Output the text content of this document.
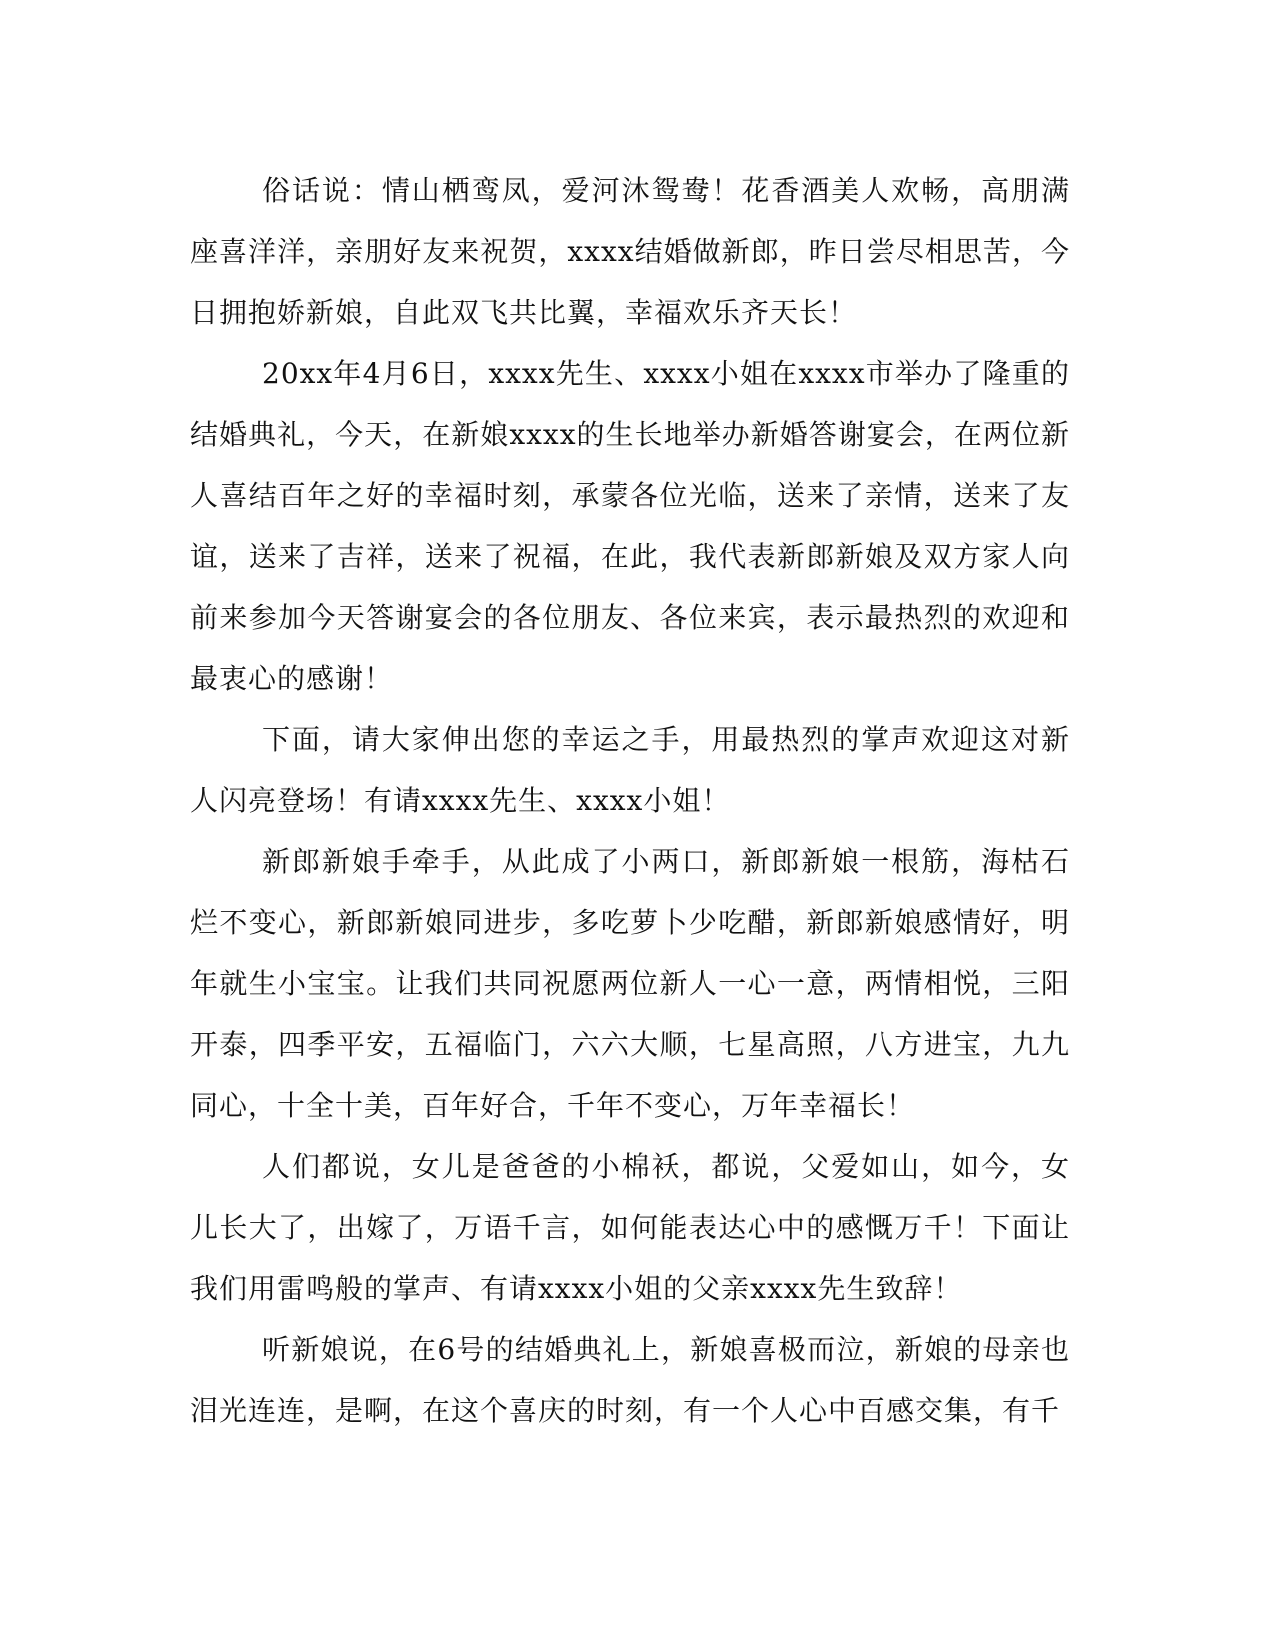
俗话说：情山栖鸾凤，爱河沐鸳鸯！花香酒美人欢畅，高朋满座喜洋洋，亲朋好友来祝贺，xxxx结婚做新郎，昨日尝尽相思苦，今日拥抱娇新娘，自此双飞共比翼，幸福欢乐齐天长！

20xx年4月6日，xxxx先生、xxxx小姐在xxxx市举办了隆重的结婚典礼，今天，在新娘xxxx的生长地举办新婚答谢宴会，在两位新人喜结百年之好的幸福时刻，承蒙各位光临，送来了亲情，送来了友谊，送来了吉祥，送来了祝福，在此，我代表新郎新娘及双方家人向前来参加今天答谢宴会的各位朋友、各位来宾，表示最热烈的欢迎和最衷心的感谢！

下面，请大家伸出您的幸运之手，用最热烈的掌声欢迎这对新人闪亮登场！有请xxxx先生、xxxx小姐！

新郎新娘手牵手，从此成了小两口，新郎新娘一根筋，海枯石烂不变心，新郎新娘同进步，多吃萝卜少吃醋，新郎新娘感情好，明年就生小宝宝。让我们共同祝愿两位新人一心一意，两情相悦，三阳开泰，四季平安，五福临门，六六大顺，七星高照，八方进宝，九九同心，十全十美，百年好合，千年不变心，万年幸福长！

人们都说，女儿是爸爸的小棉袄，都说，父爱如山，如今，女儿长大了，出嫁了，万语千言，如何能表达心中的感慨万千！下面让我们用雷鸣般的掌声、有请xxxx小姐的父亲xxxx先生致辞！

听新娘说，在6号的结婚典礼上，新娘喜极而泣，新娘的母亲也泪光连连，是啊，在这个喜庆的时刻，有一个人心中百感交集，有千
